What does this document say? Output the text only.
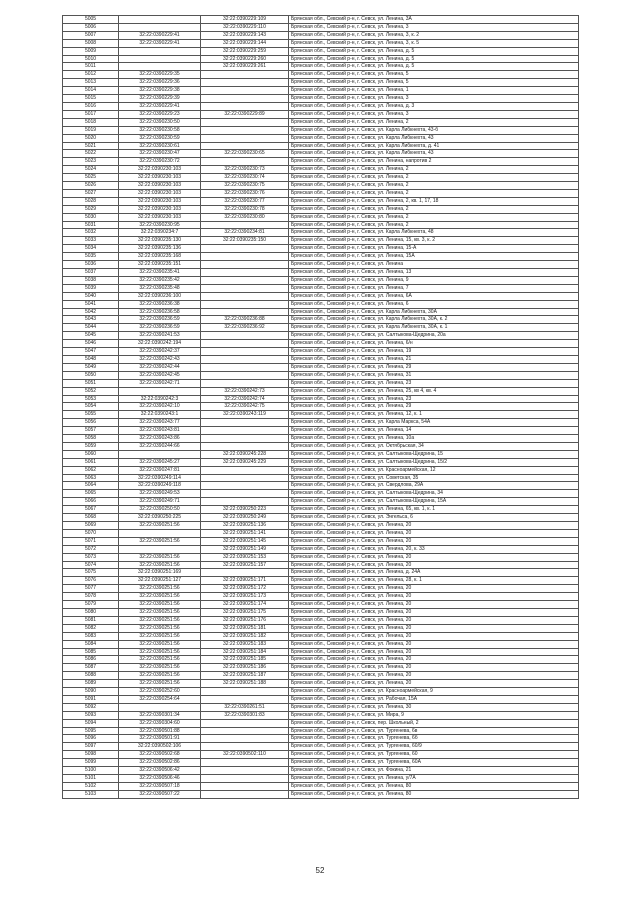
5005		32:22:0390229:109	Брянская обл., Севский р-н, г. Севск, ул. Ленина, 3А
5006		32:22:0390229:110	Брянская обл., Севский р-н, г. Севск, ул. Ленина, 3
5007	32:22:0390229:41	32:22:0390229:143	Брянская обл., Севский р-н, г. Севск, ул. Ленина, 3, к. 2
5008	32:22:0390229:41	32:22:0390229:144	Брянская обл., Севский р-н, г. Севск, ул. Ленина, 3, к. 5
5009		32:22:0390229:259	Брянская обл., Севский р-н, г. Севск, ул. Ленина, д. 5
5010		32:22:0390229:260	Брянская обл., Севский р-н, г. Севск, ул. Ленина, д. 5
5011		32:22:0390229:261	Брянская обл., Севский р-н, г. Севск, ул. Ленина, д. 5
5012	32:22:0390229:35		Брянская обл., Севский р-н, г. Севск, ул. Ленина, 5
5013	32:22:0390229:36		Брянская обл., Севский р-н, г. Севск, ул. Ленина, 5
5014	32:22:0390229:38		Брянская обл., Севский р-н, г. Севск, ул. Ленина, 1
5015	32:22:0390229:39		Брянская обл., Севский р-н, г. Севск, ул. Ленина, 3
5016	32:22:0390229:41		Брянская обл., Севский р-н, г. Севск, ул. Ленина, д. 3
5017	32:22:0390229:23	32:22:0390229:89	Брянская обл., Севский р-н, г. Севск, ул. Ленина, 3
5018	32:22:0390230:50		Брянская обл., Севский р-н, г. Севск, ул. Ленина, 2
5019	32:22:0390230:58		Брянская обл., Севский р-н, г. Севск, ул. Карла Либкнехта, 43-б
5020	32:22:0390230:59		Брянская обл., Севский р-н, г. Севск, ул. Карла Либкнехта, 43
5021	32:22:0390230:61		Брянская обл., Севский р-н, г. Севск, ул. Карла Либкнехта, д. 41
5022	32:22:0390230:47	32:22:0390230:65	Брянская обл., Севский р-н, г. Севск, ул. Карла Либкнехта, 43
5023	32:22:0390230:72		Брянская обл., Севский р-н, г. Севск, ул. Ленина, напротив 2
5024	32:22:0390230:103	32:22:0390230:73	Брянская обл., Севский р-н, г. Севск, ул. Ленина, 2
5025	32:22:0390230:103	32:22:0390230:74	Брянская обл., Севский р-н, г. Севск, ул. Ленина, 2
5026	32:22:0390230:103	32:22:0390230:75	Брянская обл., Севский р-н, г. Севск, ул. Ленина, 2
5027	32:22:0390230:103	32:22:0390230:76	Брянская обл., Севский р-н, г. Севск, ул. Ленина, 2
5028	32:22:0390230:103	32:22:0390230:77	Брянская обл., Севский р-н, г. Севск, ул. Ленина, 2, кв. 1, 17, 18
5029	32:22:0390230:103	32:22:0390230:78	Брянская обл., Севский р-н, г. Севск, ул. Ленина, 2
5030	32:22:0390230:103	32:22:0390230:80	Брянская обл., Севский р-н, г. Севск, ул. Ленина, 2
5031	32:22:0390230:95		Брянская обл., Севский р-н, г. Севск, ул. Ленина, 2
5032	32:22:0390234:7	32:22:0390234:81	Брянская обл., Севский р-н, г. Севск, ул. Карла Либкнехта, 48
5033	32:22:0390235:130	32:22:0390235:150	Брянская обл., Севский р-н, г. Севск, ул. Ленина, 15, кв. 3, к. 2
5034	32:22:0390235:136		Брянская обл., Севский р-н, г. Севск, ул. Ленина, 15-А
5035	32:22:0390235:168		Брянская обл., Севский р-н, г. Севск, ул. Ленина, 15А
5036	32:22:0390235:151		Брянская обл., Севский р-н, г. Севск, ул. Ленина
5037	32:22:0390235:41		Брянская обл., Севский р-н, г. Севск, ул. Ленина, 13
5038	32:22:0390235:42		Брянская обл., Севский р-н, г. Севск, ул. Ленина, 9
5039	32:22:0390235:48		Брянская обл., Севский р-н, г. Севск, ул. Ленина, 7
5040	32:22:0390236:100		Брянская обл., Севский р-н, г. Севск, ул. Ленина, 6А
5041	32:22:0390236:38		Брянская обл., Севский р-н, г. Севск, ул. Ленина, 6
5042	32:22:0390236:58		Брянская обл., Севский р-н, г. Севск, ул. Карла Либкнехта, 30А
5043	32:22:0390236:59	32:22:0390236:88	Брянская обл., Севский р-н, г. Севск, ул. Карла Либкнехта, 30А, к. 2
5044	32:22:0390236:59	32:22:0390236:92	Брянская обл., Севский р-н, г. Севск, ул. Карла Либкнехта, 30А, к. 1
5045	32:22:0390241:53		Брянская обл., Севский р-н, г. Севск, ул. Салтыкова-Щедрина, 20а
5046	32:22:0390242:194		Брянская обл., Севский р-н, г. Севск, ул. Ленина, 6/н
5047	32:22:0390242:37		Брянская обл., Севский р-н, г. Севск, ул. Ленина, 19
5048	32:22:0390242:43		Брянская обл., Севский р-н, г. Севск, ул. Ленина, 21
5049	32:22:0390242:44		Брянская обл., Севский р-н, г. Севск, ул. Ленина, 29
5050	32:22:0390242:45		Брянская обл., Севский р-н, г. Севск, ул. Ленина, 31
5051	32:22:0390242:71		Брянская обл., Севский р-н, г. Севск, ул. Ленина, 23
5052		32:22:0390242:73	Брянская обл., Севский р-н, г. Севск, ул. Ленина, 25, кв 4, кв. 4
5053	32:22:0390242:3	32:22:0390242:74	Брянская обл., Севский р-н, г. Севск, ул. Ленина, 23
5054	32:22:0390242:10	32:22:0390242:75	Брянская обл., Севский р-н, г. Севск, ул. Ленина, 29
5055	32:22:0390243:1	32:22:0390243:119	Брянская обл., Севский р-н, г. Севск, ул. Ленина, 12, к. 1
5056	32:22:0390243:77		Брянская обл., Севский р-н, г. Севск, ул. Карла Маркса, 54А
5057	32:22:0390243:81		Брянская обл., Севский р-н, г. Севск, ул. Ленина, 14
5058	32:22:0390243:86		Брянская обл., Севский р-н, г. Севск, ул. Ленина, 10а
5059	32:22:0390244:66		Брянская обл., Севский р-н, г. Севск, ул. Октябрьская, 34
5060		32:22:0390245:228	Брянская обл., Севский р-н, г. Севск, ул. Салтыкова-Щедрина, 15
5061	32:22:0390245:27	32:22:0390245:229	Брянская обл., Севский р-н, г. Севск, ул. Салтыкова-Щедрина, 15/2
5062	32:22:0390247:81		Брянская обл., Севский р-н, г. Севск, ул. Красноармейская, 12
5063	32:22:0390249:114		Брянская обл., Севский р-н, г. Севск, ул. Советская, 35
5064	32:22:0390249:118		Брянская обл., Севский р-н, г. Севск, ул. Свердлова, 29А
5065	32:22:0390249:53		Брянская обл., Севский р-н, г. Севск, ул. Салтыкова-Щедрина, 34
5066	32:22:0390249:71		Брянская обл., Севский р-н, г. Севск, ул. Салтыкова-Щедрина, 15А
5067	32:22:0390250:50	32:22:0390250:223	Брянская обл., Севский р-н, г. Севск, ул. Ленина, 65, кв. 1, к. 1
5068	32:22:0390250:225	32:22:0390250:249	Брянская обл., Севский р-н, г. Севск, ул. Энгельса, 6
5069	32:22:0390251:56	32:22:0390251:136	Брянская обл., Севский р-н, г. Севск, ул. Ленина, 20
5070		32:22:0390251:141	Брянская обл., Севский р-н, г. Севск, ул. Ленина, 20
5071	32:22:0390251:56	32:22:0390251:145	Брянская обл., Севский р-н, г. Севск, ул. Ленина, 20
5072		32:22:0390251:149	Брянская обл., Севский р-н, г. Севск, ул. Ленина, 20, к. 33
5073	32:22:0390251:56	32:22:0390251:153	Брянская обл., Севский р-н, г. Севск, ул. Ленина, 20
5074	32:22:0390251:56	32:22:0390251:157	Брянская обл., Севский р-н, г. Севск, ул. Ленина, 20
5075	32:22:0390251:169		Брянская обл., Севский р-н, г. Севск, ул. Ленина, д. 24А
5076	32:22:0390251:127	32:22:0390251:171	Брянская обл., Севский р-н, г. Севск, ул. Ленина, 28, к. 1
5077	32:22:0390251:56	32:22:0390251:172	Брянская обл., Севский р-н, г. Севск, ул. Ленина, 20
5078	32:22:0390251:56	32:22:0390251:173	Брянская обл., Севский р-н, г. Севск, ул. Ленина, 20
5079	32:22:0390251:56	32:22:0390251:174	Брянская обл., Севский р-н, г. Севск, ул. Ленина, 20
5080	32:22:0390251:56	32:22:0390251:175	Брянская обл., Севский р-н, г. Севск, ул. Ленина, 20
5081	32:22:0390251:56	32:22:0390251:176	Брянская обл., Севский р-н, г. Севск, ул. Ленина, 20
5082	32:22:0390251:56	32:22:0390251:181	Брянская обл., Севский р-н, г. Севск, ул. Ленина, 20
5083	32:22:0390251:56	32:22:0390251:182	Брянская обл., Севский р-н, г. Севск, ул. Ленина, 20
5084	32:22:0390251:56	32:22:0390251:183	Брянская обл., Севский р-н, г. Севск, ул. Ленина, 20
5085	32:22:0390251:56	32:22:0390251:184	Брянская обл., Севский р-н, г. Севск, ул. Ленина, 20
5086	32:22:0390251:56	32:22:0390251:185	Брянская обл., Севский р-н, г. Севск, ул. Ленина, 20
5087	32:22:0390251:56	32:22:0390251:186	Брянская обл., Севский р-н, г. Севск, ул. Ленина, 20
5088	32:22:0390251:56	32:22:0390251:187	Брянская обл., Севский р-н, г. Севск, ул. Ленина, 20
5089	32:22:0390251:56	32:22:0390251:188	Брянская обл., Севский р-н, г. Севск, ул. Ленина, 20
5090	32:22:0390252:60		Брянская обл., Севский р-н, г. Севск, ул. Красноармейская, 9
5091	32:22:0390254:64		Брянская обл., Севский р-н, г. Севск, ул. Рабочая, 15А
5092		32:22:0390261:51	Брянская обл., Севский р-н, г. Севск, ул. Ленина, 30
5093	32:22:0390301:34	32:22:0390301:83	Брянская обл., Севский р-н, г. Севск, ул. Мира, 9
5094	32:22:0390304:60		Брянская обл., Севский р-н, г. Севск, пер. Школьный, 2
5095	32:22:0390501:88		Брянская обл., Севский р-н, г. Севск, ул. Тургенева, 6в
5096	32:22:0390501:91		Брянская обл., Севский р-н, г. Севск, ул. Тургенева, 6б
5097	32:22:0390502:106		Брянская обл., Севский р-н, г. Севск, ул. Тургенева, 60/9
5098	32:22:0390502:68	32:22:0390502:110	Брянская обл., Севский р-н, г. Севск, ул. Тургенева, 60
5099	32:22:0390502:86		Брянская обл., Севский р-н, г. Севск, ул. Тургенева, 60А
5100	32:22:0390506:42		Брянская обл., Севский р-н, г. Севск, ул. Фокина, 21
5101	32:22:0390506:46		Брянская обл., Севский р-н, г. Севск, ул. Ленина, у/7А
5102	32:22:0390507:18		Брянская обл., Севский р-н, г. Севск, ул. Ленина, 80
5103	32:22:0390507:22		Брянская обл., Севский р-н, г. Севск, ул. Ленина, 80
52
